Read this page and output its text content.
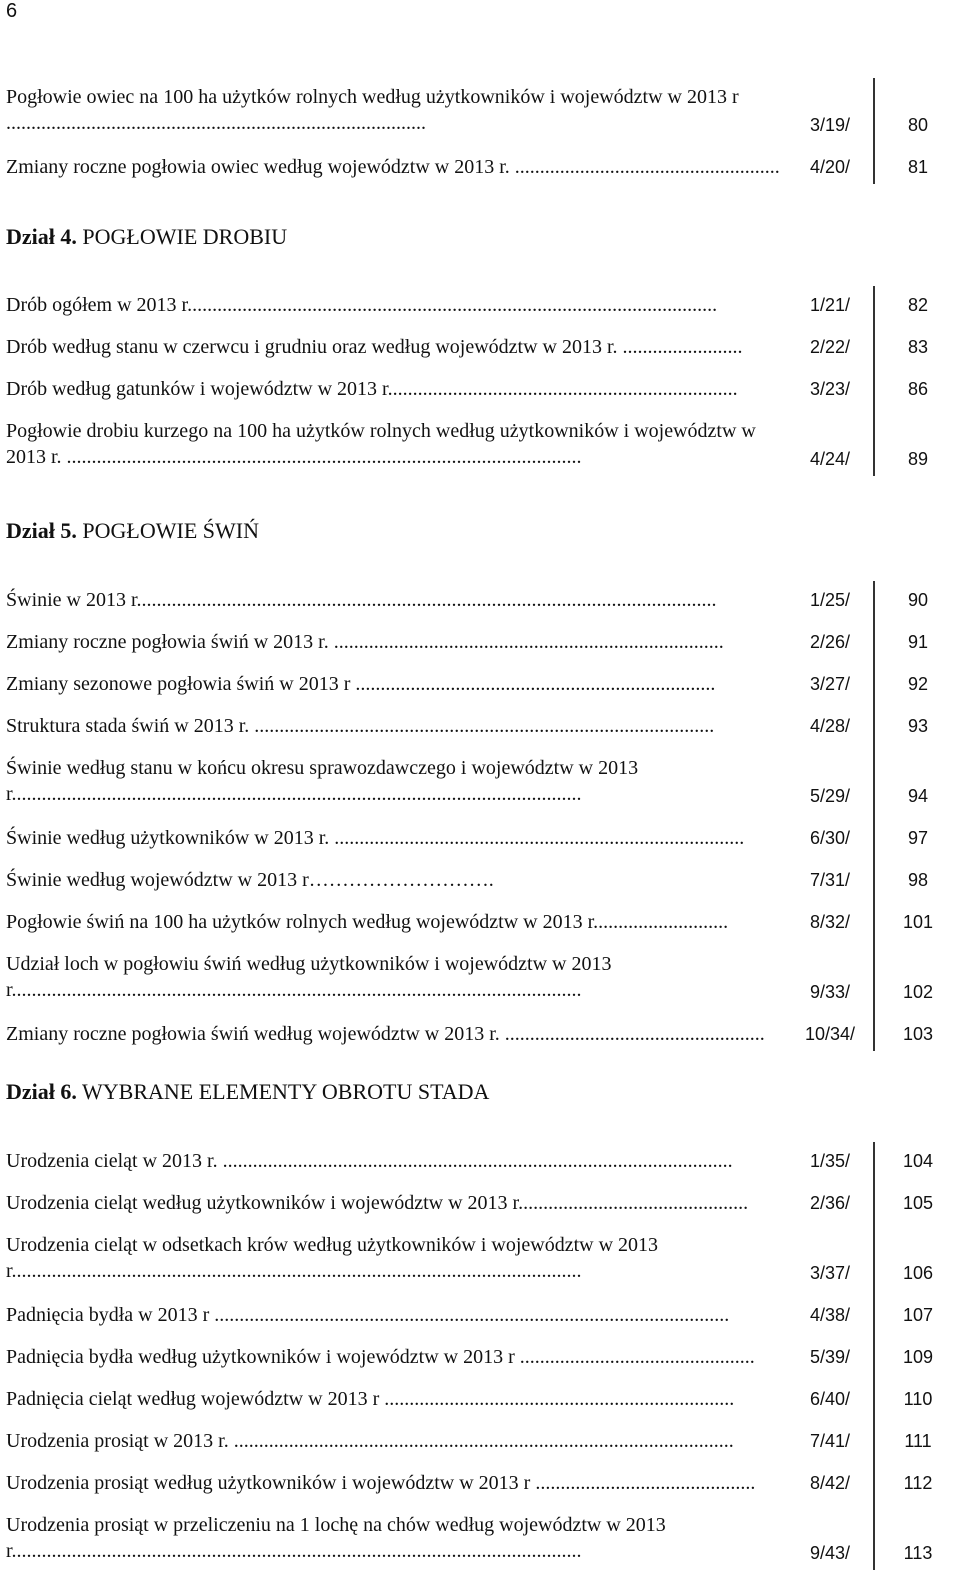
6
Pogłowie owiec na 100 ha użytków rolnych według użytkowników i województw w 2013 r ....................................................................................	3/19/	80
Zmiany roczne pogłowia owiec według województw w 2013 r. .....................................................	4/20/	81
Dział 4. POGŁOWIE DROBIU
Drób ogółem w 2013 r..........................................................................................................	1/21/	82
Drób według stanu w czerwcu i grudniu oraz według województw w 2013 r. ........................	2/22/	83
Drób według gatunków i województw w 2013 r......................................................................	3/23/	86
Pogłowie drobiu kurzego na 100 ha użytków rolnych według użytkowników i województw w 2013 r. .......................................................................................................	4/24/	89
Dział 5. POGŁOWIE ŚWIŃ
Świnie w 2013 r....................................................................................................................	1/25/	90
Zmiany roczne pogłowia świń w 2013 r. ..............................................................................	2/26/	91
Zmiany sezonowe pogłowia świń w 2013 r ........................................................................	3/27/	92
Struktura stada świń w 2013 r. ............................................................................................	4/28/	93
Świnie według stanu w końcu okresu sprawozdawczego i województw w 2013 r..................................................................................................................	5/29/	94
Świnie według użytkowników w 2013 r. ..................................................................................	6/30/	97
Świnie według województw w 2013 r……………………….	7/31/	98
Pogłowie świń na 100 ha użytków rolnych według województw w 2013 r...........................	8/32/	101
Udział loch w pogłowiu świń według użytkowników i województw w 2013 r..................................................................................................................	9/33/	102
Zmiany roczne pogłowia świń według województw w 2013 r. ....................................................	10/34/	103
Dział 6. WYBRANE ELEMENTY OBROTU STADA
Urodzenia cieląt w 2013 r. ......................................................................................................	1/35/	104
Urodzenia cieląt według użytkowników i województw w 2013 r..............................................	2/36/	105
Urodzenia cieląt w odsetkach krów według użytkowników i województw w 2013 r..................................................................................................................	3/37/	106
Padnięcia bydła w 2013 r .......................................................................................................	4/38/	107
Padnięcia bydła według użytkowników i województw w 2013 r ...............................................	5/39/	109
Padnięcia cieląt według województw w 2013 r ......................................................................	6/40/	110
Urodzenia prosiąt w 2013 r. ....................................................................................................	7/41/	111
Urodzenia prosiąt według użytkowników i województw w 2013 r ............................................	8/42/	112
Urodzenia prosiąt w przeliczeniu na 1 lochę na chów według województw w 2013 r..................................................................................................................	9/43/	113
